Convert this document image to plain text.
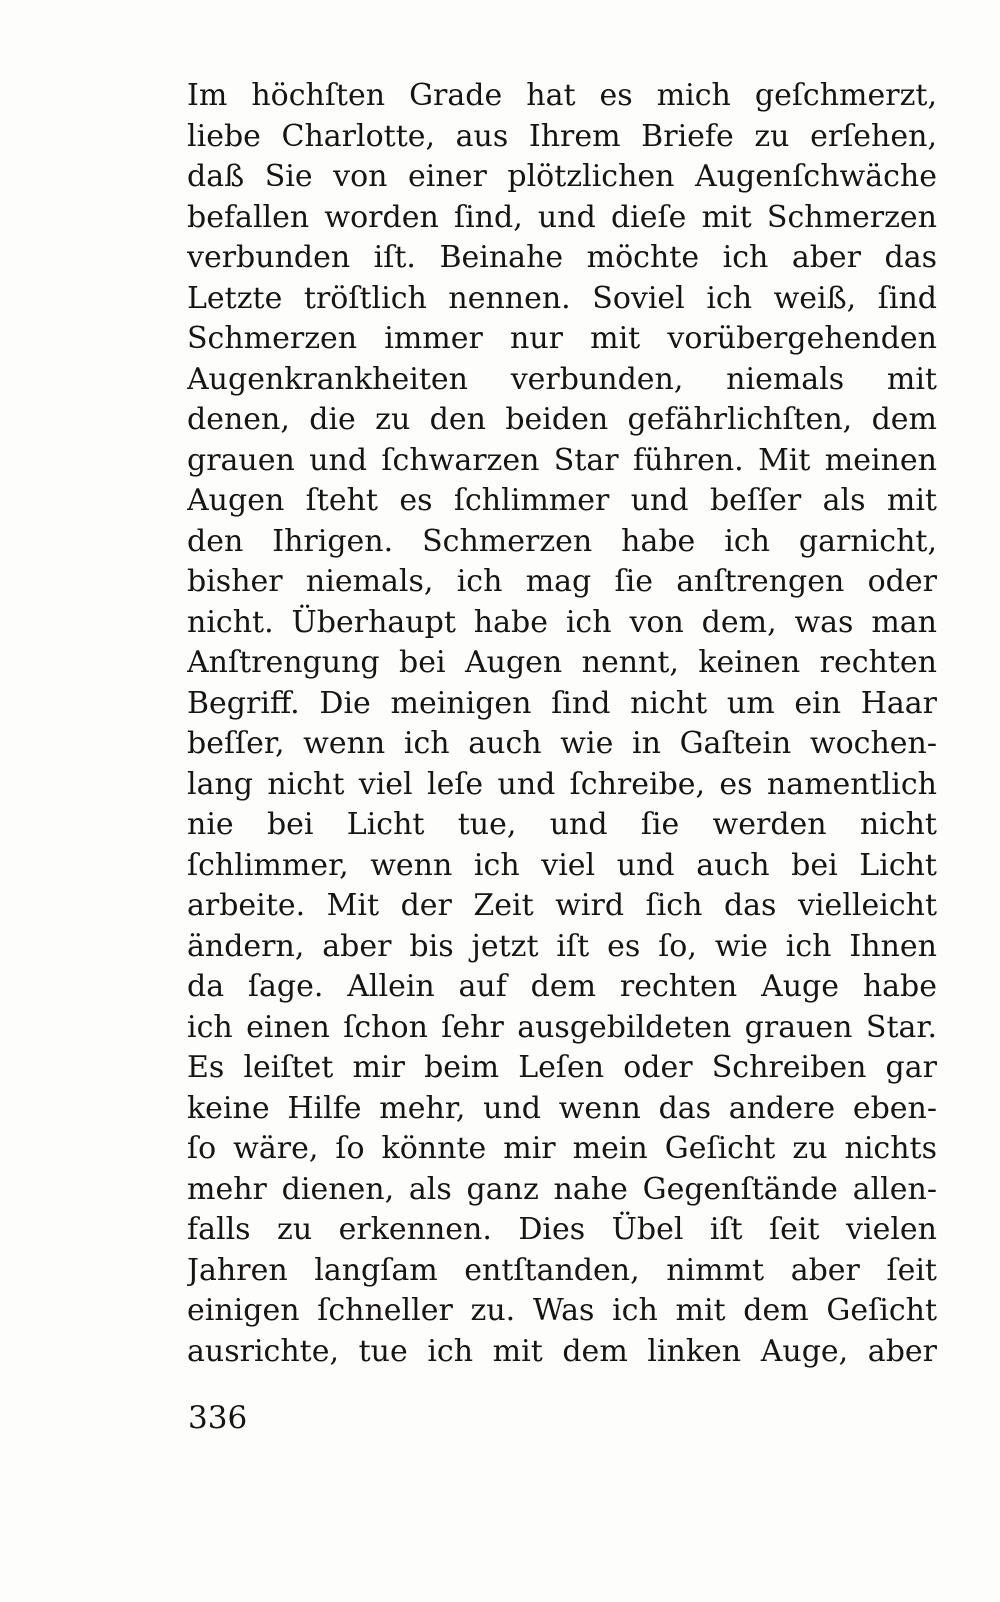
Im höchſten Grade hat es mich geſchmerzt,
liebe Charlotte, aus Ihrem Briefe zu erſehen,
daß Sie von einer plötzlichen Augenſchwäche
befallen worden ſind, und dieſe mit Schmerzen
verbunden iſt. Beinahe möchte ich aber das
Letzte tröſtlich nennen. Soviel ich weiß, ſind
Schmerzen immer nur mit vorübergehenden
Augenkrankheiten verbunden, niemals mit
denen, die zu den beiden gefährlichſten, dem
grauen und ſchwarzen Star führen. Mit meinen
Augen ſteht es ſchlimmer und beſſer als mit
den Ihrigen. Schmerzen habe ich garnicht,
bisher niemals, ich mag ſie anſtrengen oder
nicht. Überhaupt habe ich von dem, was man
Anſtrengung bei Augen nennt, keinen rechten
Begriff. Die meinigen ſind nicht um ein Haar
beſſer, wenn ich auch wie in Gaſtein wochen-
lang nicht viel leſe und ſchreibe, es namentlich
nie bei Licht tue, und ſie werden nicht
ſchlimmer, wenn ich viel und auch bei Licht
arbeite. Mit der Zeit wird ſich das vielleicht
ändern, aber bis jetzt iſt es ſo, wie ich Ihnen
da ſage. Allein auf dem rechten Auge habe
ich einen ſchon ſehr ausgebildeten grauen Star.
Es leiſtet mir beim Leſen oder Schreiben gar
keine Hilfe mehr, und wenn das andere eben-
ſo wäre, ſo könnte mir mein Geſicht zu nichts
mehr dienen, als ganz nahe Gegenſtände allen-
falls zu erkennen. Dies Übel iſt ſeit vielen
Jahren langſam entſtanden, nimmt aber ſeit
einigen ſchneller zu. Was ich mit dem Geſicht
ausrichte, tue ich mit dem linken Auge, aber
336
